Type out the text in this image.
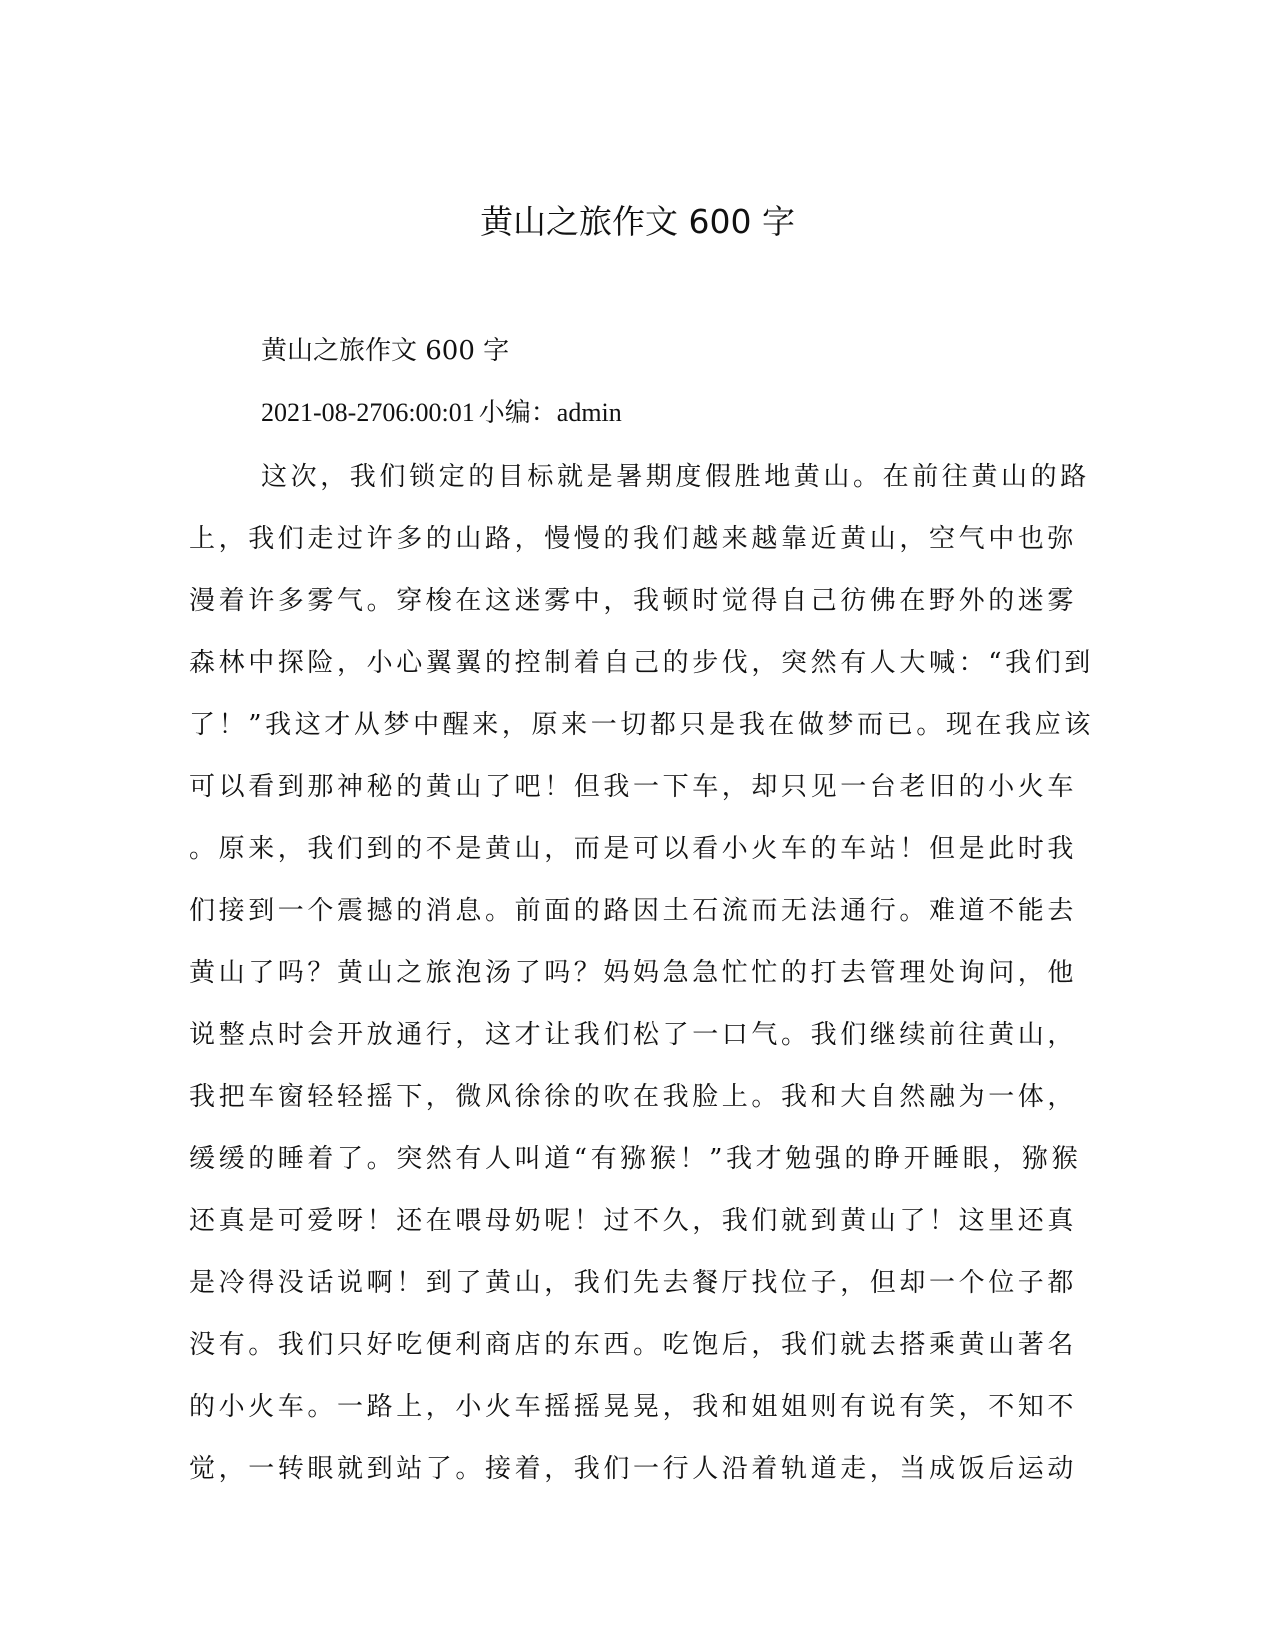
黄山之旅作文 600 字

黄山之旅作文 600 字

2021-08-2706:00:01 小编：admin

这次，我们锁定的目标就是暑期度假胜地黄山。在前往黄山的路
上，我们走过许多的山路，慢慢的我们越来越靠近黄山，空气中也弥
漫着许多雾气。穿梭在这迷雾中，我顿时觉得自己彷佛在野外的迷雾
森林中探险，小心翼翼的控制着自己的步伐，突然有人大喊：“我们到
了！”我这才从梦中醒来，原来一切都只是我在做梦而已。现在我应该
可以看到那神秘的黄山了吧！但我一下车，却只见一台老旧的小火车
。原来，我们到的不是黄山，而是可以看小火车的车站！但是此时我
们接到一个震撼的消息。前面的路因土石流而无法通行。难道不能去
黄山了吗？黄山之旅泡汤了吗？妈妈急急忙忙的打去管理处询问，他
说整点时会开放通行，这才让我们松了一口气。我们继续前往黄山，
我把车窗轻轻摇下，微风徐徐的吹在我脸上。我和大自然融为一体，
缓缓的睡着了。突然有人叫道“有猕猴！”我才勉强的睁开睡眼，猕猴
还真是可爱呀！还在喂母奶呢！过不久，我们就到黄山了！这里还真
是冷得没话说啊！到了黄山，我们先去餐厅找位子，但却一个位子都
没有。我们只好吃便利商店的东西。吃饱后，我们就去搭乘黄山著名
的小火车。一路上，小火车摇摇晃晃，我和姐姐则有说有笑，不知不
觉，一转眼就到站了。接着，我们一行人沿着轨道走，当成饭后运动
